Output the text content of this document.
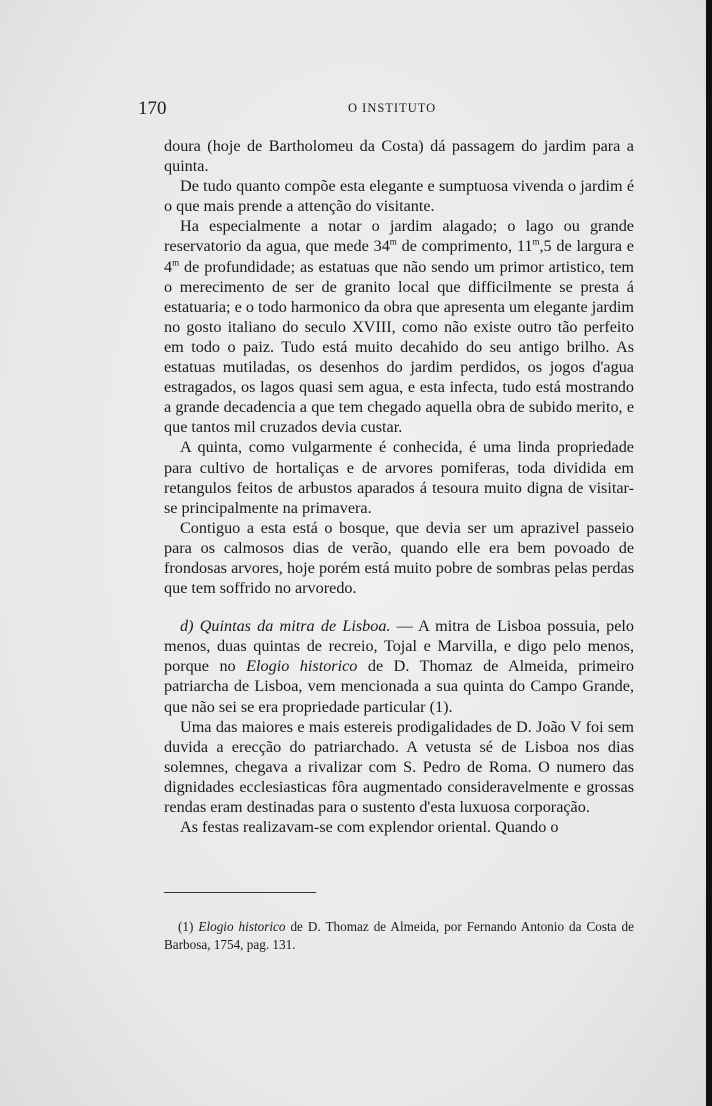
170	O INSTITUTO

doura (hoje de Bartholomeu da Costa) dá passagem do jardim para a quinta.

De tudo quanto compõe esta elegante e sumptuosa vivenda o jardim é o que mais prende a attenção do visitante.

Ha especialmente a notar o jardim alagado; o lago ou grande reservatorio da agua, que mede 34$^m$ de comprimento, 11$^m$,5 de largura e 4$^m$ de profundidade; as estatuas que não sendo um primor artistico, tem o merecimento de ser de granito local que difficilmente se presta á estatuaria; e o todo harmonico da obra que apresenta um elegante jardim no gosto italiano do seculo XVIII, como não existe outro tão perfeito em todo o paiz. Tudo está muito decahido do seu antigo brilho. As estatuas mutiladas, os desenhos do jardim perdidos, os jogos d'agua estragados, os lagos quasi sem agua, e esta infecta, tudo está mostrando a grande decadencia a que tem chegado aquella obra de subido merito, e que tantos mil cruzados devia custar.

A quinta, como vulgarmente é conhecida, é uma linda propriedade para cultivo de hortaliças e de arvores pomiferas, toda dividida em retangulos feitos de arbustos aparados á tesoura muito digna de visitar-se principalmente na primavera.

Contiguo a esta está o bosque, que devia ser um aprazivel passeio para os calmosos dias de verão, quando elle era bem povoado de frondosas arvores, hoje porém está muito pobre de sombras pelas perdas que tem soffrido no arvoredo.

d) Quintas da mitra de Lisboa. — A mitra de Lisboa possuia, pelo menos, duas quintas de recreio, Tojal e Marvilla, e digo pelo menos, porque no Elogio historico de D. Thomaz de Almeida, primeiro patriarcha de Lisboa, vem mencionada a sua quinta do Campo Grande, que não sei se era propriedade particular (1).

Uma das maiores e mais estereis prodigalidades de D. João V foi sem duvida a erecção do patriarchado. A vetusta sé de Lisboa nos dias solemnes, chegava a rivalizar com S. Pedro de Roma. O numero das dignidades ecclesiasticas fôra augmentado consideravelmente e grossas rendas eram destinadas para o sustento d'esta luxuosa corporação.

As festas realizavam-se com explendor oriental. Quando o

(1) Elogio historico de D. Thomaz de Almeida, por Fernando Antonio da Costa de Barbosa, 1754, pag. 131.
